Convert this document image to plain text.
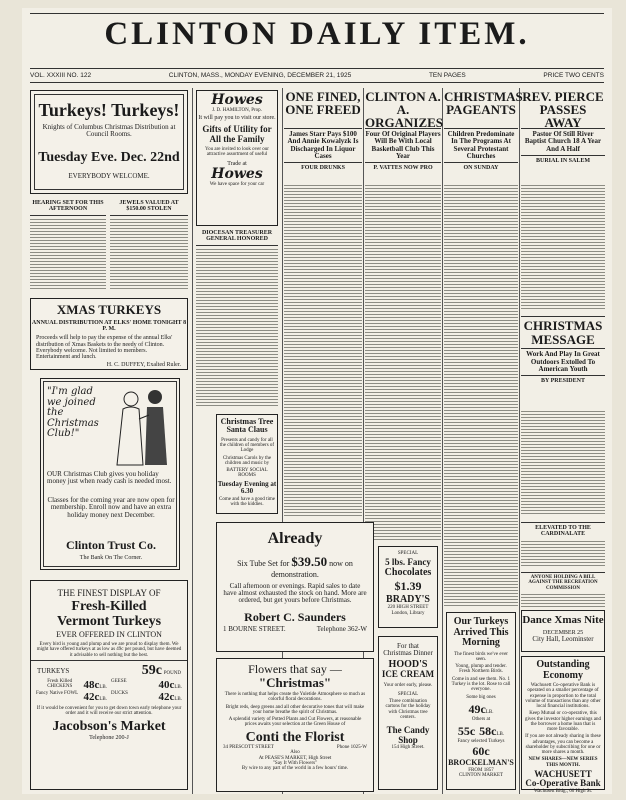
CLINTON DAILY ITEM.
VOL. XXXIII NO. 122	CLINTON, MASS., MONDAY EVENING, DECEMBER 21, 1925	TEN PAGES	PRICE TWO CENTS
Turkeys! Turkeys!
Knights of Columbus Christmas Distribution at Council Rooms.
Tuesday Eve. Dec. 22nd
EVERYBODY WELCOME.
HEARING SET FOR THIS AFTERNOON
JEWELS VALUED AT $150.00 STOLEN
XMAS TURKEYS
ANNUAL DISTRIBUTION AT ELKS' HOME TONIGHT 8 P. M.
Proceeds will help to pay the expense of the annual Elks' distribution of Xmas Baskets to the needy of Clinton. Everybody welcome. Not limited to members. Entertainment and lunch.
H. C. DUFFEY, Exalted Ruler.
"I'm glad we joined the Christmas Club!"
OUR Christmas Club gives you holiday money just when ready cash is needed most.
Classes for the coming year are now open for membership. Enroll now and have an extra holiday money next December.
Clinton Trust Co.
The Bank On The Corner.
THE FINEST DISPLAY OF
Fresh-Killed
Vermont Turkeys
EVER OFFERED IN CLINTON
Every bird is young and plump and we are proud to display them. We might have offered turkeys at as low as 49c per pound, but have deemed it advisable to sell nothing but the best.
TURKEYS	59c POUND
Fresh Killed CHICKENS	48cLB.
GEESE	40cLB.
Fancy Native FOWL 42cLB.
DUCKS	42cLB.
If it would be convenient for you to get down town early telephone your order and it will receive our strict attention.
Jacobson's Market
Telephone 200-J
Howes
J. D. HAMILTON, Prop.
It will pay you to visit our store.
Gifts of Utility for All the Family
You are invited to look over our attractive assortment of useful
Trade at
Howes
We have space for your car
DIOCESAN TREASURER GENERAL HONORED
Christmas Tree
Santa Claus
Presents and candy for all the children of members of Lodge
Christmas Carols by the children and music by
BATTERY SOCIAL ROOMS
Tuesday Evening at 6.30
Come and have a good time with the kiddies.
Already
Six Tube Set for $39.50 now on demonstration.
Call afternoon or evenings. Rapid sales to date have almost exhausted the stock on hand. More are ordered, but get yours before Christmas.
Robert C. Saunders
1 BOURNE STREET.	Telephone 362-W
Flowers that say —
"Christmas"
There is nothing that helps create the Yuletide Atmosphere so much as colorful floral decorations.
Bright reds, deep greens and all other decorative tones that will make your home breathe the spirit of Christmas.
A splendid variety of Potted Plants and Cut Flowers, at reasonable prices awaits your selection at the Green House of
Conti the Florist
34 PRESCOTT STREET	Phone 1025-W
Also
At PEASE'S MARKET, High Street
"Say It With Flowers"
By wire to any part of the world in a few hours' time.
ONE FINED, ONE FREED
James Starr Pays $100 And Annie Kowalyzk Is Discharged In Liquor Cases
FOUR DRUNKS
CLINTON A. A. ORGANIZES
Four Of Original Players Will Be With Local Basketball Club This Year
P. VATTES NOW PRO
SPECIAL
5 lbs. Fancy
Chocolates
$1.39
BRADY'S
220 HIGH STREET
London, Library
For that
Christmas Dinner
HOOD'S
ICE CREAM
Your order early, please.
SPECIAL
Three combination cartons for the holiday with Christmas tree centers.
The Candy Shop
154 High Street.
CHRISTMAS PAGEANTS
Children Predominate In The Programs At Several Protestant Churches
ON SUNDAY
Our Turkeys
Arrived This
Morning
The finest birds we've ever seen.
Young, plump and tender. Fresh Northern Birds.
Come in and see them. No. 1 Turkey is the lot. Rose to call everyone.
Some big ones
49cLB.
Others at
55c 58cLB.
Fancy selected Turkeys
60c
BROCKELMAN'S
FROM 1857
CLINTON MARKET
REV. PIERCE PASSES AWAY
Pastor Of Still River Baptist Church 18 A Year And A Half
BURIAL IN SALEM
CHRISTMAS MESSAGE
Work And Play In Great Outdoors Extolled To American Youth
BY PRESIDENT
ELEVATED TO THE CARDINALATE
ANYONE HOLDING A BILL AGAINST THE RECREATION COMMISSION
Dance Xmas Nite
DECEMBER 25
City Hall, Leominster
Outstanding Economy
Wachusett Co-operative Bank is operated on a smaller percentage of expense in proportion to the total volume of transactions than any other local financial institutions.
Keep Mutual or co-operative, this gives the investor higher earnings and the borrower a home loan that is more favorable.
If you are not already sharing in these advantages, you can become a shareholder by subscribing for one or more shares a month.
NEW SHARES—NEW SERIES THIS MONTH.
WACHUSETT
Co-Operative Bank
Wachusett Bldg., 60 High St.
